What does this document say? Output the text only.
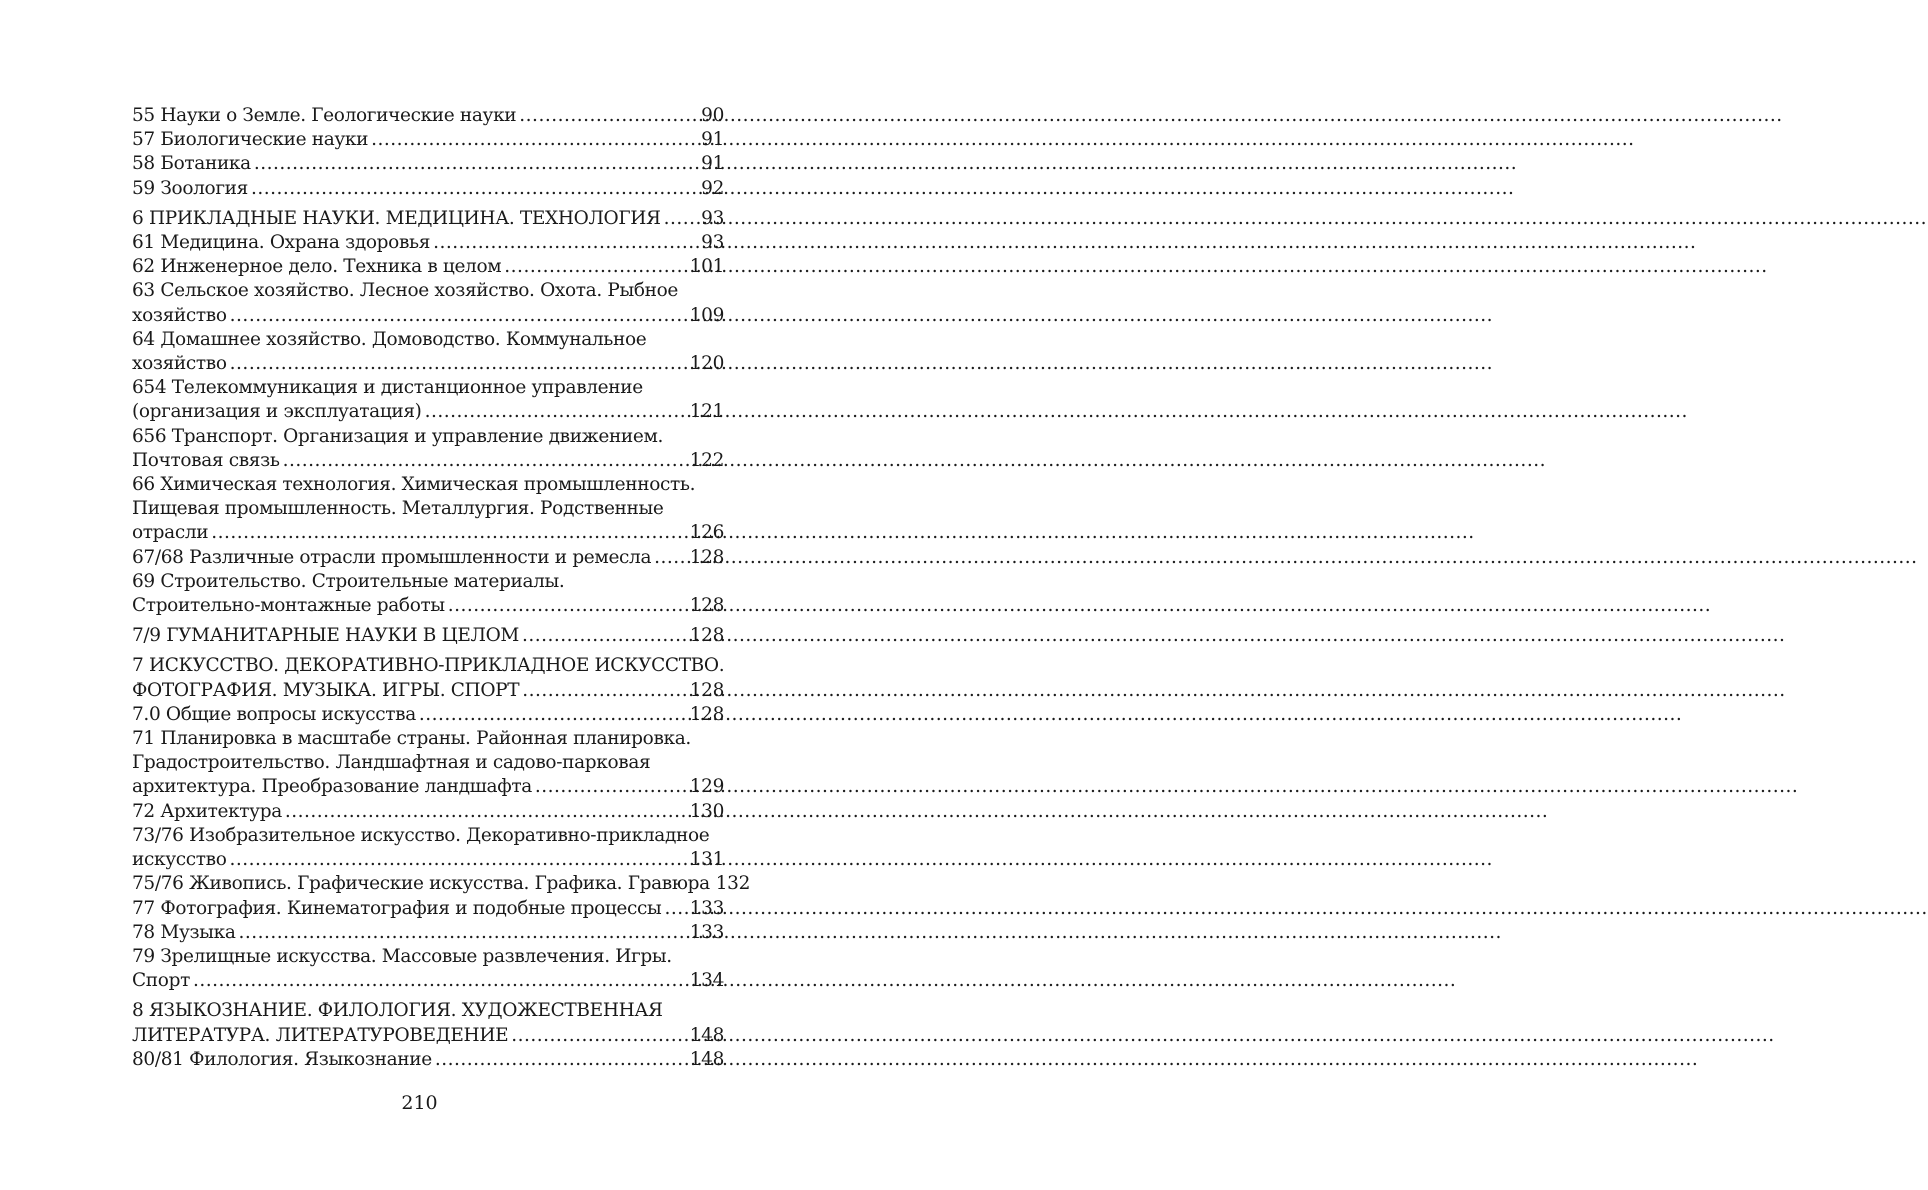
55 Науки о Земле. Геологические науки .....	90
57 Биологические науки .....	91
58 Ботаника .....	91
59 Зоология .....	92
6 ПРИКЛАДНЫЕ НАУКИ. МЕДИЦИНА. ТЕХНОЛОГИЯ ..... 93
61 Медицина. Охрана здоровья .....	93
62 Инженерное дело. Техника в целом .....	101
63 Сельское хозяйство. Лесное хозяйство. Охота. Рыбное
хозяйство .....	109
64 Домашнее хозяйство. Домоводство. Коммунальное
хозяйство .....	120
654 Телекоммуникация и дистанционное управление
(организация и эксплуатация) .....	121
656 Транспорт. Организация и управление движением.
Почтовая связь .....	122
66 Химическая технология. Химическая промышленность.
Пищевая промышленность. Металлургия. Родственные
отрасли .....	126
67/68 Различные отрасли промышленности и ремесла ..... 128
69 Строительство. Строительные материалы.
Строительно-монтажные работы .....	128
7/9 ГУМАНИТАРНЫЕ НАУКИ В ЦЕЛОМ .....	128
7 ИСКУССТВО. ДЕКОРАТИВНО-ПРИКЛАДНОЕ ИСКУССТВО.
ФОТОГРАФИЯ. МУЗЫКА. ИГРЫ. СПОРТ .....	128
7.0 Общие вопросы искусства .....	128
71 Планировка в масштабе страны. Районная планировка.
Градостроительство. Ландшафтная и садово-парковая
архитектура. Преобразование ландшафта .....	129
72 Архитектура .....	130
73/76 Изобразительное искусство. Декоративно-прикладное
искусство .....	131
75/76 Живопись. Графические искусства. Графика. Гравюра 132
77 Фотография. Кинематография и подобные процессы ..... 133
78 Музыка .....	133
79 Зрелищные искусства. Массовые развлечения. Игры.
Спорт .....	134
8 ЯЗЫКОЗНАНИЕ. ФИЛОЛОГИЯ. ХУДОЖЕСТВЕННАЯ
ЛИТЕРАТУРА. ЛИТЕРАТУРОВЕДЕНИЕ .....	148
80/81 Филология. Языкознание .....	148
210
